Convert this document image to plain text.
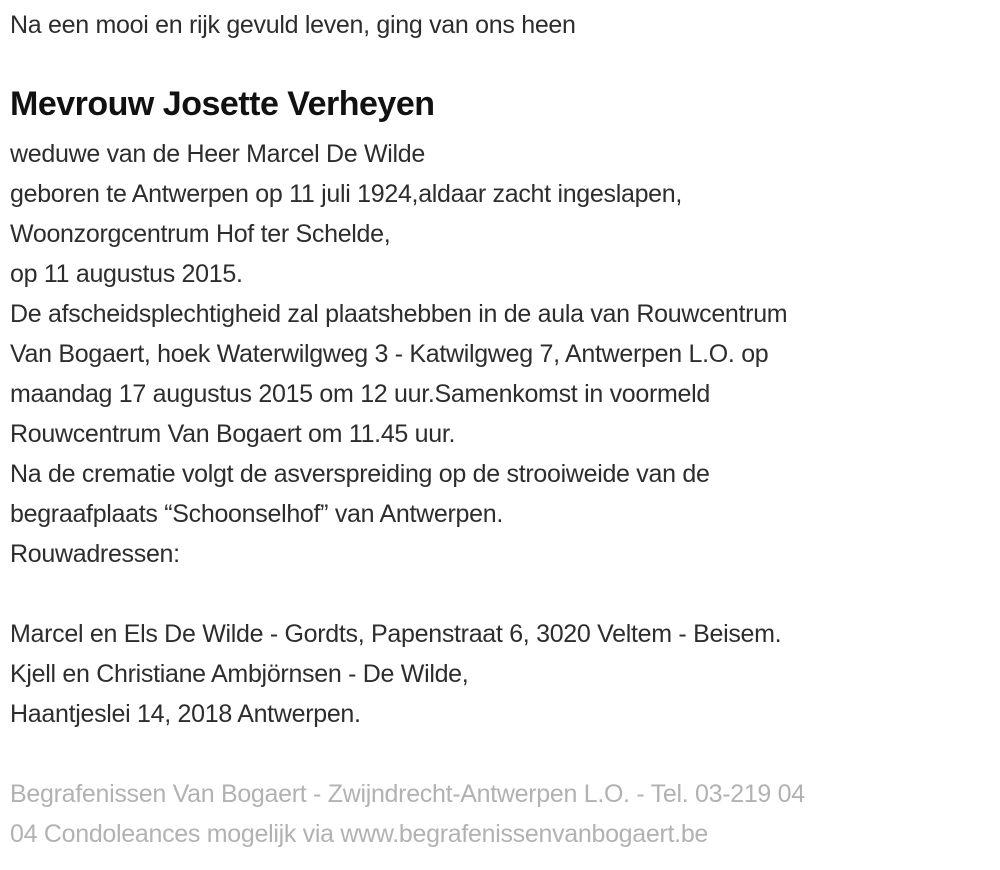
Na een mooi en rijk gevuld leven, ging van ons heen
Mevrouw Josette Verheyen
weduwe van de Heer Marcel De Wilde
geboren te Antwerpen op 11 juli 1924,aldaar zacht ingeslapen,
Woonzorgcentrum Hof ter Schelde,
op 11 augustus 2015.
De afscheidsplechtigheid zal plaatshebben in de aula van Rouwcentrum
Van Bogaert, hoek Waterwilgweg 3 - Katwilgweg 7, Antwerpen L.O. op
maandag 17 augustus 2015 om 12 uur.Samenkomst in voormeld
Rouwcentrum Van Bogaert om 11.45 uur.
Na de crematie volgt de asverspreiding op de strooiweide van de
begraafplaats “Schoonselhof” van Antwerpen.
Rouwadressen:
Marcel en Els De Wilde - Gordts, Papenstraat 6, 3020 Veltem - Beisem.
Kjell en Christiane Ambjörnsen - De Wilde,
Haantjeslei 14, 2018 Antwerpen.
Begrafenissen Van Bogaert - Zwijndrecht-Antwerpen L.O. - Tel. 03-219 04
04 Condoleances mogelijk via www.begrafenissenvanbogaert.be
